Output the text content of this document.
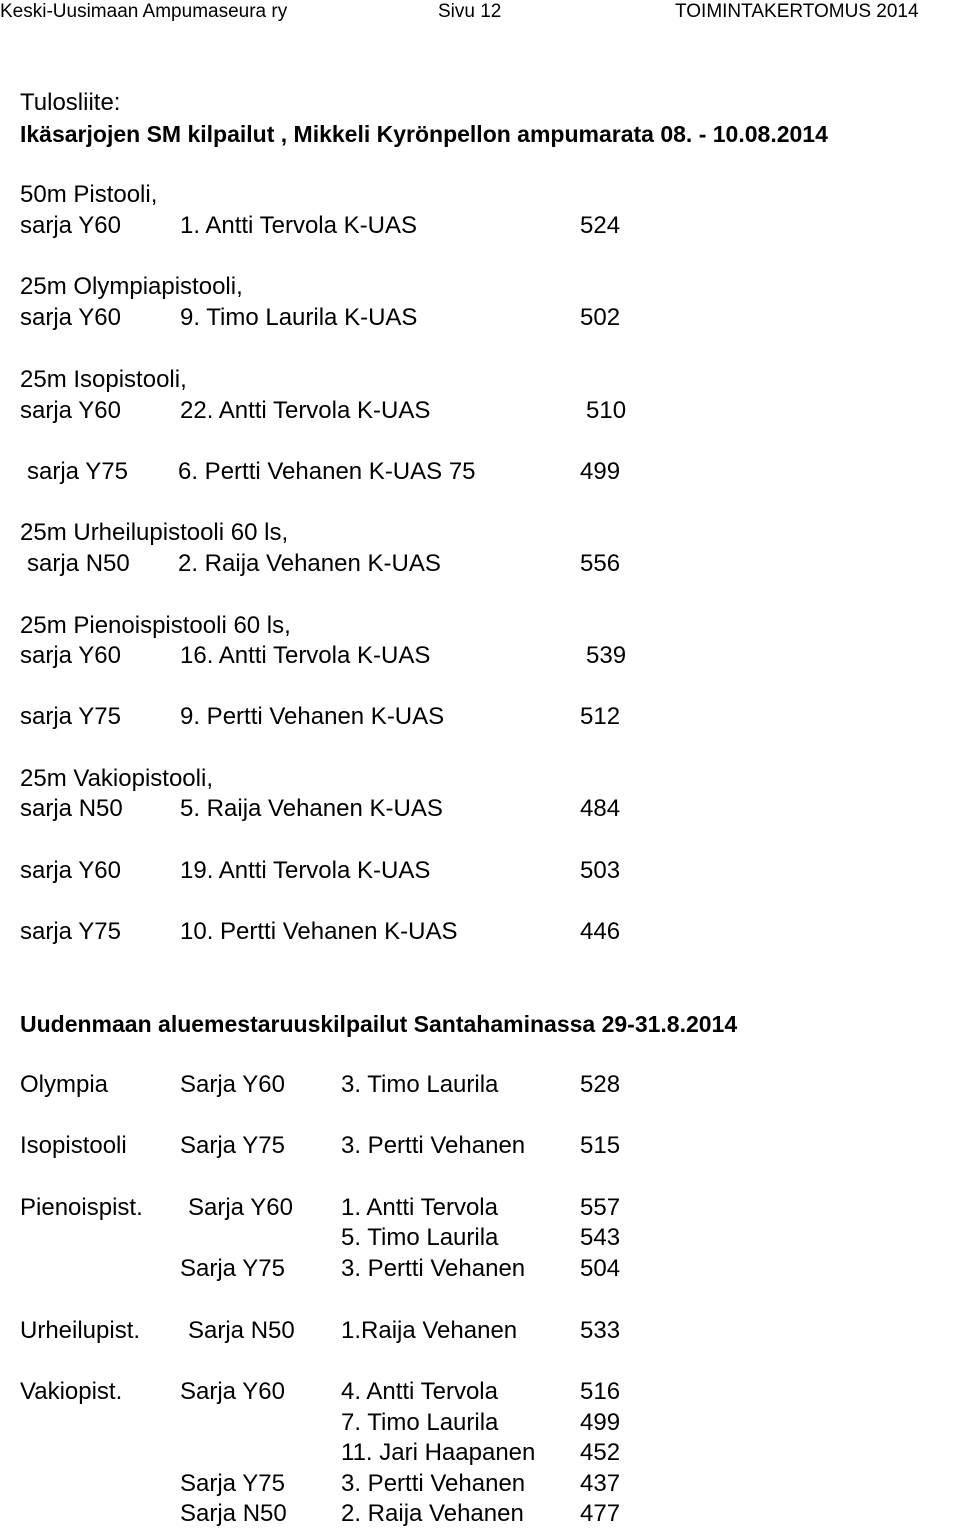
Keski-Uusimaan Ampumaseura ry	Sivu 12	TOIMINTAKERTOMUS 2014
Tulosliite:
Ikäsarjojen SM kilpailut , Mikkeli Kyrönpellon ampumarata 08. - 10.08.2014
50m Pistooli,
sarja Y60 1. Antti Tervola K-UAS	524
25m Olympiapistooli,
sarja Y60 9. Timo Laurila K-UAS	502
25m Isopistooli,
sarja Y60 22. Antti Tervola K-UAS	510
sarja Y75 6. Pertti Vehanen K-UAS 75	499
25m Urheilupistooli 60 ls,
sarja N50 2. Raija Vehanen K-UAS	556
25m Pienoispistooli 60 ls,
sarja Y60 16. Antti Tervola K-UAS	539
sarja Y75 9. Pertti Vehanen K-UAS	512
25m Vakiopistooli,
sarja N50 5. Raija Vehanen K-UAS	484
sarja Y60 19. Antti Tervola K-UAS	503
sarja Y75 10. Pertti Vehanen K-UAS	446
Uudenmaan aluemestaruuskilpailut Santahaminassa 29-31.8.2014
Olympia	Sarja Y60 3. Timo Laurila	528
Isopistooli Sarja Y75 3. Pertti Vehanen 515
Pienoispist. Sarja Y60 1. Antti Tervola	557
5. Timo Laurila	543
Sarja Y75 3. Pertti Vehanen 504
Urheilupist. Sarja N50 1.Raija Vehanen	533
Vakiopist. Sarja Y60 4. Antti Tervola	516
7. Timo Laurila	499
11. Jari Haapanen 452
Sarja Y75 3. Pertti Vehanen 437
Sarja N50 2. Raija Vehanen 477
